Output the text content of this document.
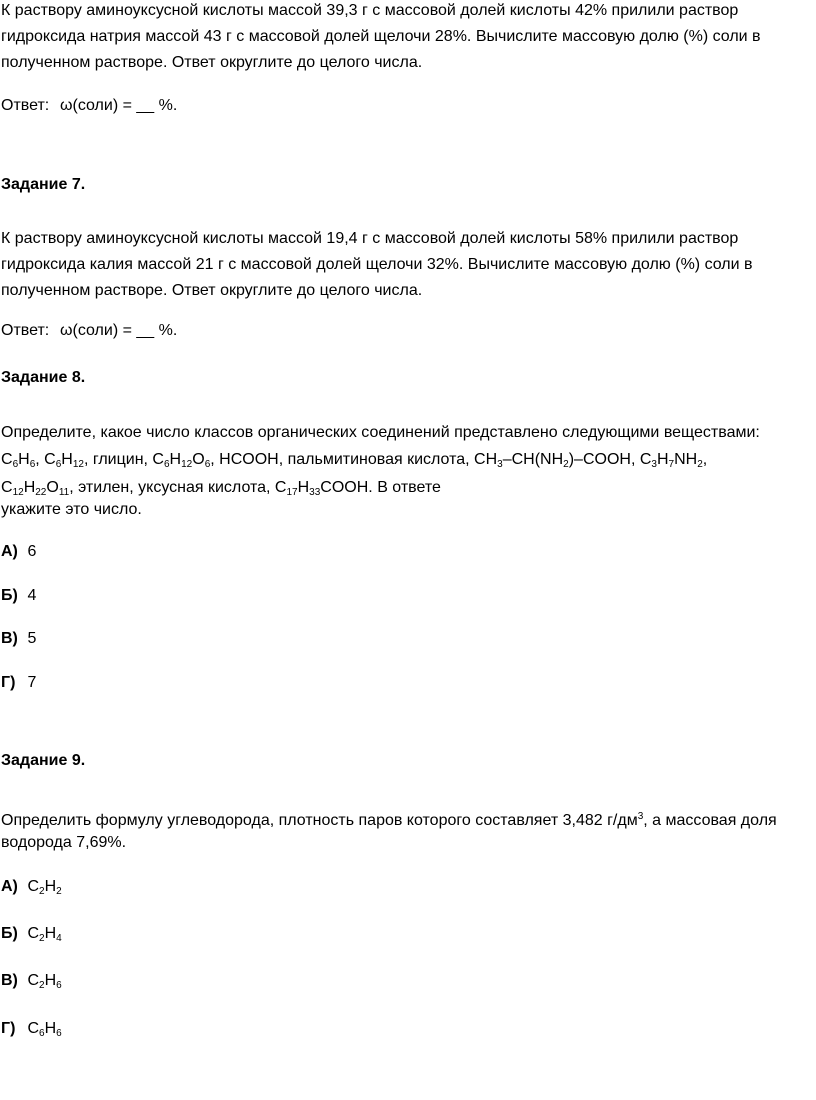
К раствору аминоуксусной кислоты массой 39,3 г с массовой долей кислоты 42% прилили раствор
гидроксида натрия массой 43 г с массовой долей щелочи 28%. Вычислите массовую долю (%) соли в
полученном растворе. Ответ округлите до целого числа.
Ответ: ω(соли) = __ %.
Задание 7.
К раствору аминоуксусной кислоты массой 19,4 г с массовой долей кислоты 58% прилили раствор
гидроксида калия массой 21 г с массовой долей щелочи 32%. Вычислите массовую долю (%) соли в
полученном растворе. Ответ округлите до целого числа.
Ответ: ω(соли) = __ %.
Задание 8.
Определите, какое число классов органических соединений представлено следующими веществами:
$C_6H_6$, $C_6H_{12}$, глицин, $C_6H_{12}O_6$, HCOOH, пальмитиновая кислота, $CH_3-CH(NH_2)$–COOH, $C_3H_7NH_2$,
$C_{12}H_{22}O_{11}$, этилен, уксусная кислота, $C_{17}H_{33}COOH$. В ответе
укажите это число.
А) 6
Б) 4
В) 5
Г) 7
Задание 9.
Определить формулу углеводорода, плотность паров которого составляет 3,482 $г/дм^3$, а массовая доля
водорода 7,69%.
А) $C_2H_2$
Б) $C_2H_4$
В) $C_2H_6$
Г) $C_6H_6$
